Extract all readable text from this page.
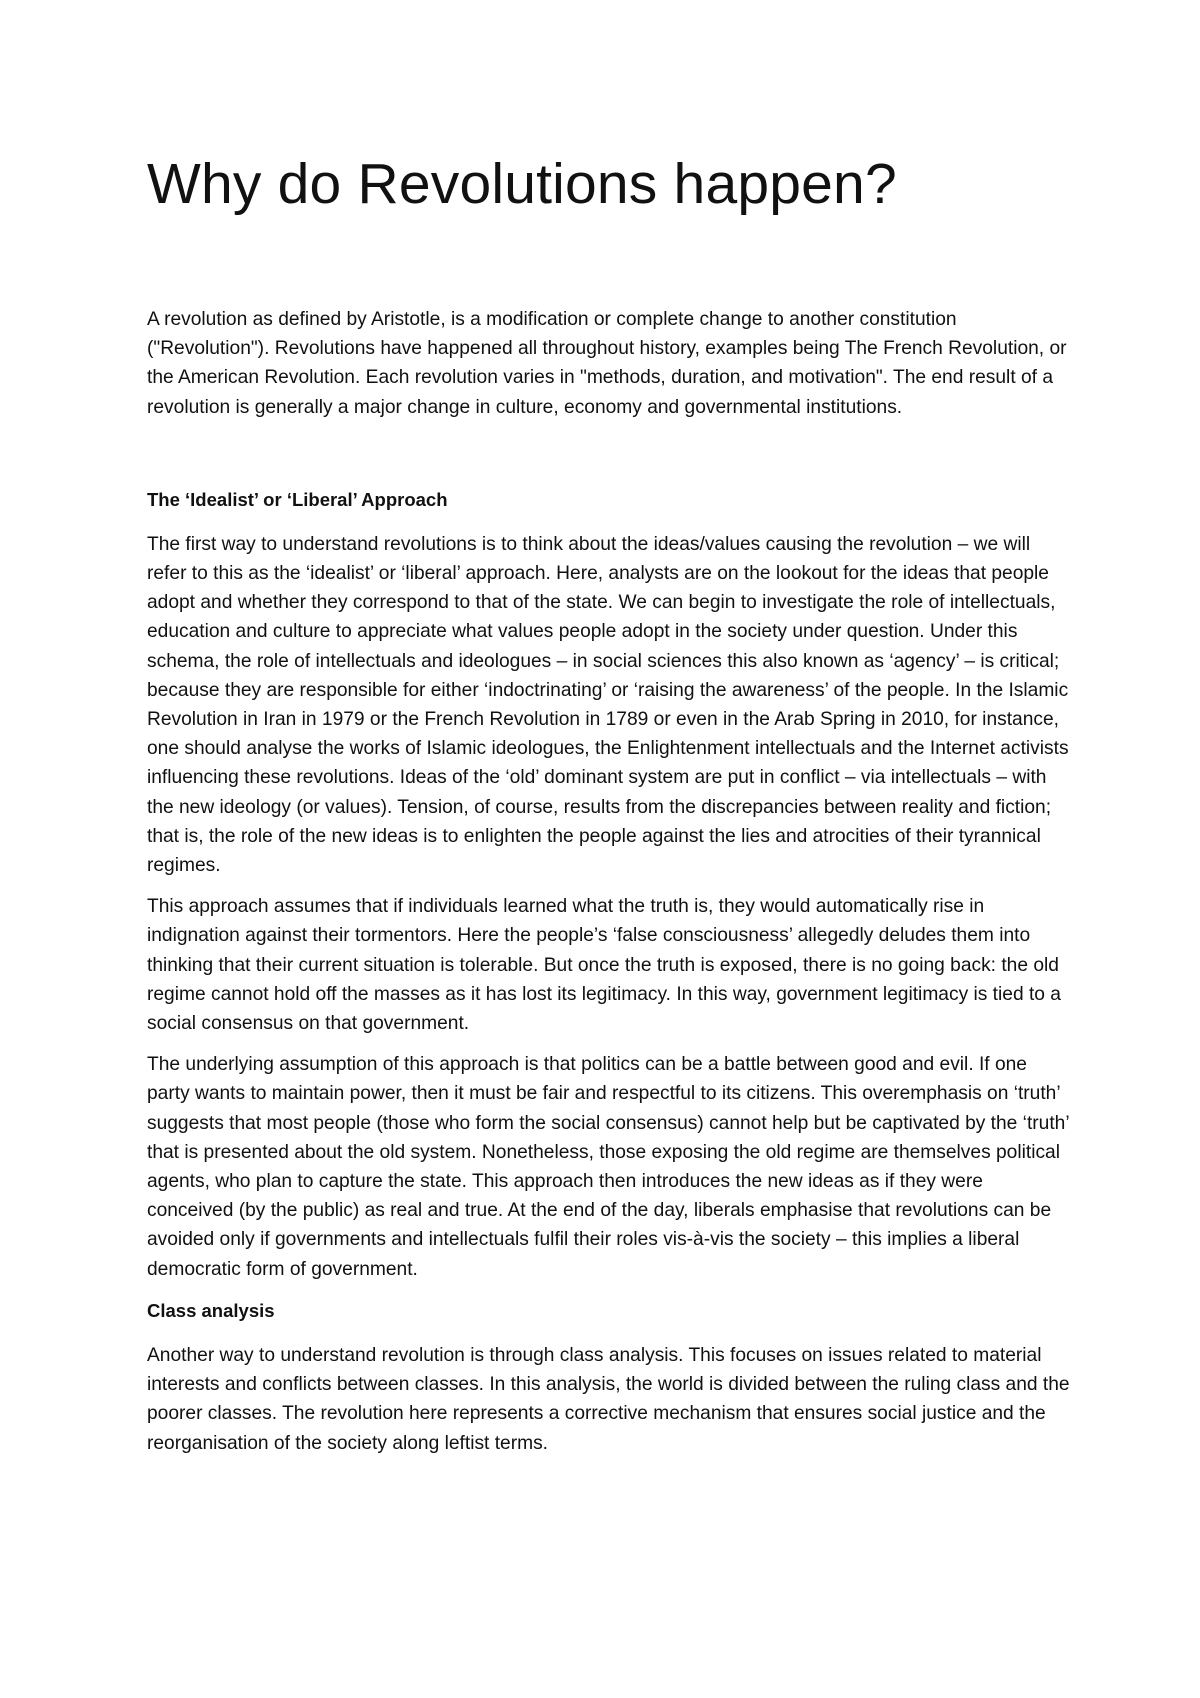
Why do Revolutions happen?

A revolution as defined by Aristotle, is a modification or complete change to another constitution ("Revolution"). Revolutions have happened all throughout history, examples being The French Revolution, or the American Revolution. Each revolution varies in "methods, duration, and motivation". The end result of a revolution is generally a major change in culture, economy and governmental institutions.

The ‘Idealist’ or ‘Liberal’ Approach

The first way to understand revolutions is to think about the ideas/values causing the revolution – we will refer to this as the ‘idealist’ or ‘liberal’ approach. Here, analysts are on the lookout for the ideas that people adopt and whether they correspond to that of the state. We can begin to investigate the role of intellectuals, education and culture to appreciate what values people adopt in the society under question. Under this schema, the role of intellectuals and ideologues – in social sciences this also known as ‘agency’ – is critical; because they are responsible for either ‘indoctrinating’ or ‘raising the awareness’ of the people. In the Islamic Revolution in Iran in 1979 or the French Revolution in 1789 or even in the Arab Spring in 2010, for instance, one should analyse the works of Islamic ideologues, the Enlightenment intellectuals and the Internet activists influencing these revolutions. Ideas of the ‘old’ dominant system are put in conflict – via intellectuals – with the new ideology (or values). Tension, of course, results from the discrepancies between reality and fiction; that is, the role of the new ideas is to enlighten the people against the lies and atrocities of their tyrannical regimes.

This approach assumes that if individuals learned what the truth is, they would automatically rise in indignation against their tormentors. Here the people’s ‘false consciousness’ allegedly deludes them into thinking that their current situation is tolerable. But once the truth is exposed, there is no going back: the old regime cannot hold off the masses as it has lost its legitimacy. In this way, government legitimacy is tied to a social consensus on that government.

The underlying assumption of this approach is that politics can be a battle between good and evil. If one party wants to maintain power, then it must be fair and respectful to its citizens. This overemphasis on ‘truth’ suggests that most people (those who form the social consensus) cannot help but be captivated by the ‘truth’ that is presented about the old system. Nonetheless, those exposing the old regime are themselves political agents, who plan to capture the state. This approach then introduces the new ideas as if they were conceived (by the public) as real and true. At the end of the day, liberals emphasise that revolutions can be avoided only if governments and intellectuals fulfil their roles vis-à-vis the society – this implies a liberal democratic form of government.

Class analysis

Another way to understand revolution is through class analysis. This focuses on issues related to material interests and conflicts between classes. In this analysis, the world is divided between the ruling class and the poorer classes. The revolution here represents a corrective mechanism that ensures social justice and the reorganisation of the society along leftist terms.
